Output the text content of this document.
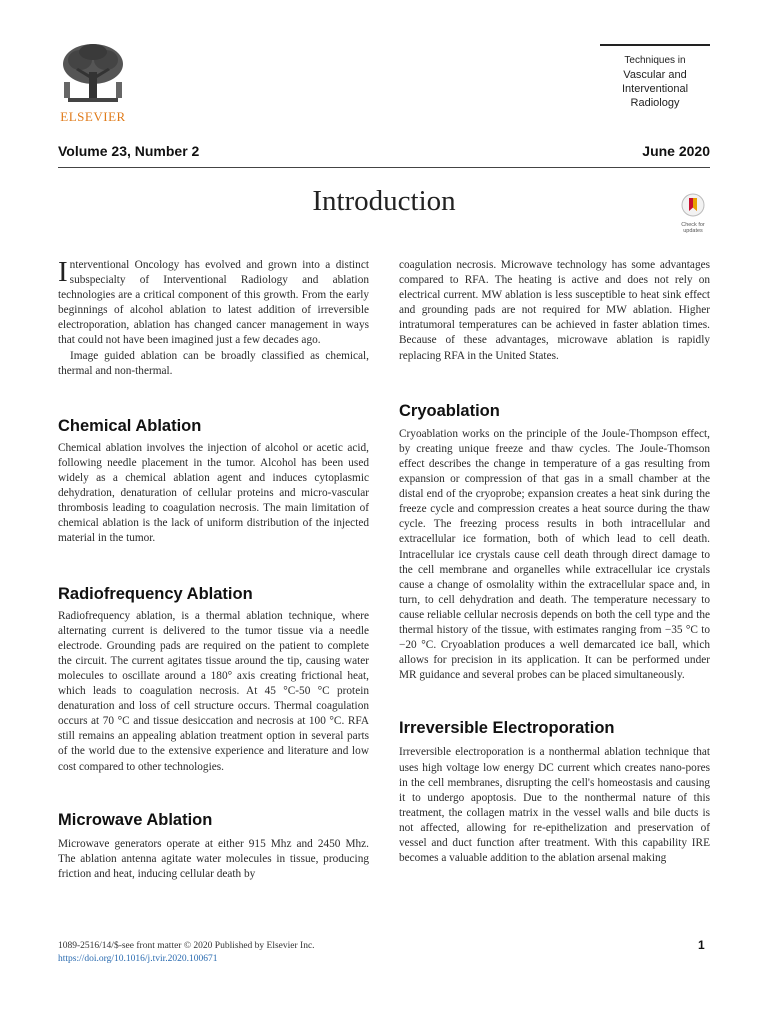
ELSEVIER
Techniques in
Vascular and
Interventional
Radiology
Volume 23, Number 2	June 2020
Introduction
Check for
updates

Interventional Oncology has evolved and grown into a distinct subspecialty of Interventional Radiology and ablation technologies are a critical component of this growth. From the early beginnings of alcohol ablation to latest addition of irreversible electroporation, ablation has changed cancer management in ways that could not have been imagined just a few decades ago.

Image guided ablation can be broadly classified as chemical, thermal and non-thermal.

Chemical Ablation

Chemical ablation involves the injection of alcohol or acetic acid, following needle placement in the tumor. Alcohol has been used widely as a chemical ablation agent and induces cytoplasmic dehydration, denaturation of cellular proteins and micro-vascular thrombosis leading to coagulation necrosis. The main limitation of chemical ablation is the lack of uniform distribution of the injected material in the tumor.

Radiofrequency Ablation

Radiofrequency ablation, is a thermal ablation technique, where alternating current is delivered to the tumor tissue via a needle electrode. Grounding pads are required on the patient to complete the circuit. The current agitates tissue around the tip, causing water molecules to oscillate around a 180° axis creating frictional heat, which leads to coagulation necrosis. At 45 °C-50 °C protein denaturation and loss of cell structure occurs. Thermal coagulation occurs at 70 °C and tissue desiccation and necrosis at 100 °C. RFA still remains an appealing ablation treatment option in several parts of the world due to the extensive experience and literature and low cost compared to other technologies.

Microwave Ablation

Microwave generators operate at either 915 Mhz and 2450 Mhz. The ablation antenna agitate water molecules in tissue, producing friction and heat, inducing cellular death by

coagulation necrosis. Microwave technology has some advantages compared to RFA. The heating is active and does not rely on electrical current. MW ablation is less susceptible to heat sink effect and grounding pads are not required for MW ablation. Higher intratumoral temperatures can be achieved in faster ablation times. Because of these advantages, microwave ablation is rapidly replacing RFA in the United States.

Cryoablation

Cryoablation works on the principle of the Joule-Thompson effect, by creating unique freeze and thaw cycles. The Joule-Thomson effect describes the change in temperature of a gas resulting from expansion or compression of that gas in a small chamber at the distal end of the cryoprobe; expansion creates a heat sink during the freeze cycle and compression creates a heat source during the thaw cycle. The freezing process results in both intracellular and extracellular ice formation, both of which lead to cell death. Intracellular ice crystals cause cell death through direct damage to the cell membrane and organelles while extracellular ice crystals cause a change of osmolality within the extracellular space and, in turn, to cell dehydration and death. The temperature necessary to cause reliable cellular necrosis depends on both the cell type and the thermal history of the tissue, with estimates ranging from −35 °C to −20 °C. Cryoablation produces a well demarcated ice ball, which allows for precision in its application. It can be performed under MR guidance and several probes can be placed simultaneously.

Irreversible Electroporation

Irreversible electroporation is a nonthermal ablation technique that uses high voltage low energy DC current which creates nano-pores in the cell membranes, disrupting the cell's homeostasis and causing it to undergo apoptosis. Due to the nonthermal nature of this treatment, the collagen matrix in the vessel walls and bile ducts is not affected, allowing for re-epithelization and preservation of vessel and duct function after treatment. With this capability IRE becomes a valuable addition to the ablation arsenal making

1089-2516/14/$-see front matter © 2020 Published by Elsevier Inc.
https://doi.org/10.1016/j.tvir.2020.100671
1
